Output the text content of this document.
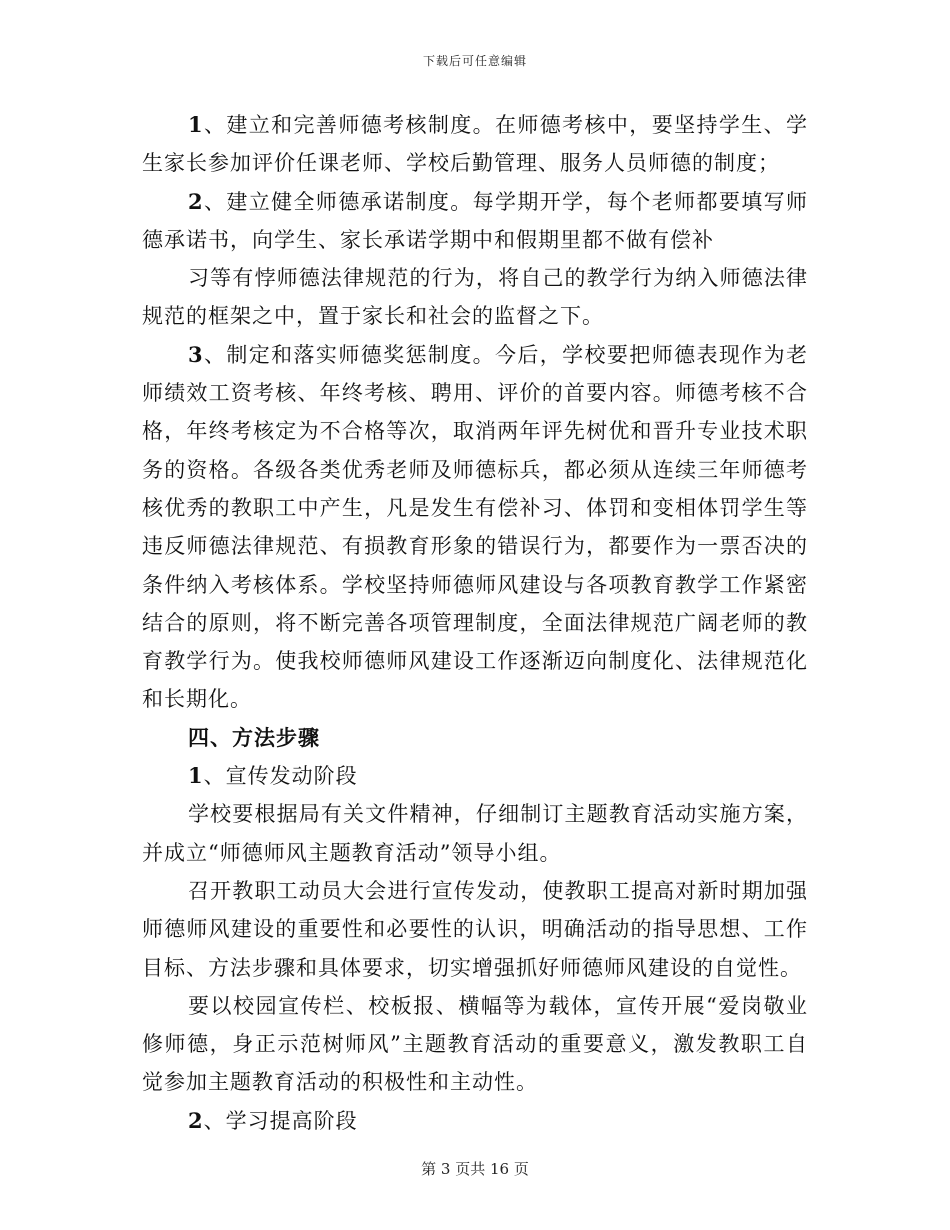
下载后可任意编辑

1、建立和完善师德考核制度。在师德考核中，要坚持学生、学生家长参加评价任课老师、学校后勤管理、服务人员师德的制度；

2、建立健全师德承诺制度。每学期开学，每个老师都要填写师德承诺书，向学生、家长承诺学期中和假期里都不做有偿补

习等有悖师德法律规范的行为，将自己的教学行为纳入师德法律规范的框架之中，置于家长和社会的监督之下。

3、制定和落实师德奖惩制度。今后，学校要把师德表现作为老师绩效工资考核、年终考核、聘用、评价的首要内容。师德考核不合格，年终考核定为不合格等次，取消两年评先树优和晋升专业技术职务的资格。各级各类优秀老师及师德标兵，都必须从连续三年师德考核优秀的教职工中产生，凡是发生有偿补习、体罚和变相体罚学生等违反师德法律规范、有损教育形象的错误行为，都要作为一票否决的条件纳入考核体系。学校坚持师德师风建设与各项教育教学工作紧密结合的原则，将不断完善各项管理制度，全面法律规范广阔老师的教育教学行为。使我校师德师风建设工作逐渐迈向制度化、法律规范化和长期化。

四、方法步骤

1、宣传发动阶段

学校要根据局有关文件精神，仔细制订主题教育活动实施方案，并成立“师德师风主题教育活动”领导小组。

召开教职工动员大会进行宣传发动，使教职工提高对新时期加强师德师风建设的重要性和必要性的认识，明确活动的指导思想、工作目标、方法步骤和具体要求，切实增强抓好师德师风建设的自觉性。

要以校园宣传栏、校板报、横幅等为载体，宣传开展“爱岗敬业修师德，身正示范树师风”主题教育活动的重要意义，激发教职工自觉参加主题教育活动的积极性和主动性。

2、学习提高阶段

第 3 页共 16 页
